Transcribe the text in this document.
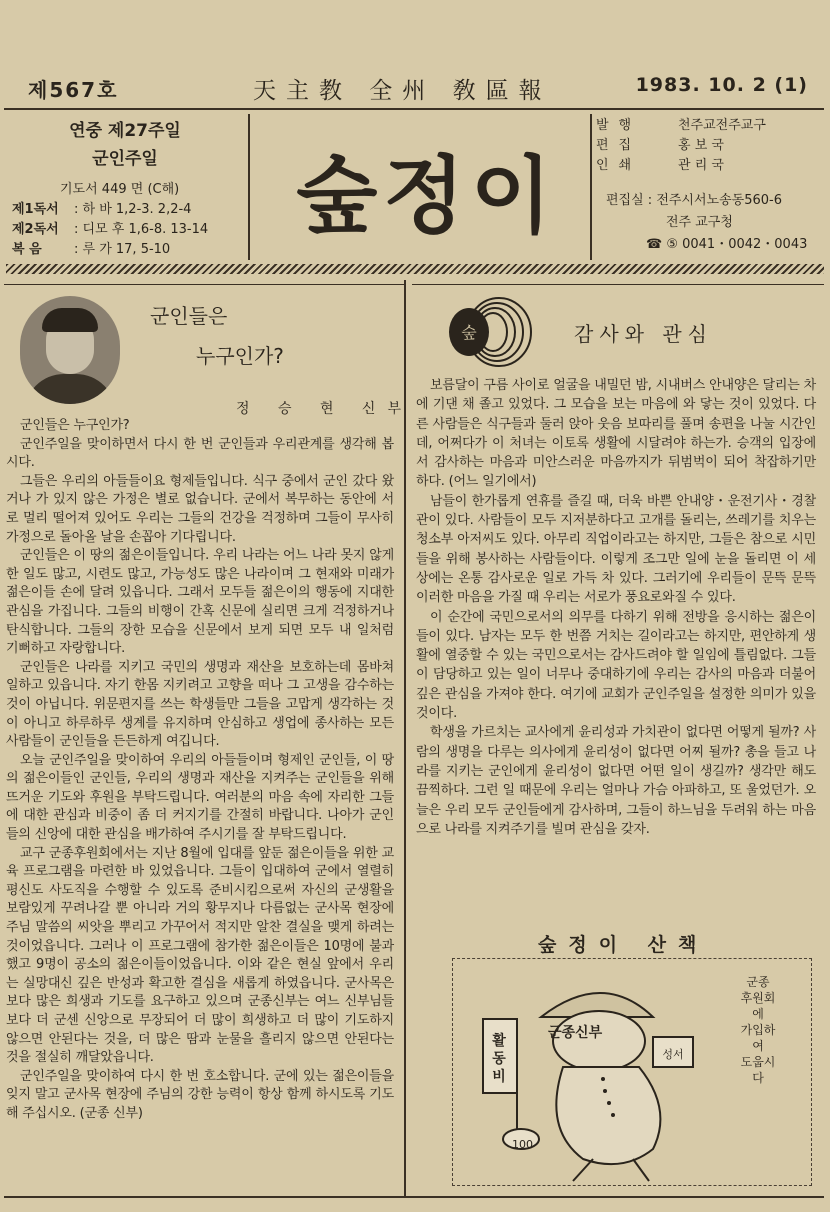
제567호	天主教 全州 敎區報	1983. 10. 2 (1)
연중 제27주일
군인주일
기도서 449 면 (C해)
제1독서	: 하 바 1,2-3. 2,2-4
제2독서	: 디모 후 1,6-8. 13-14
복 음	: 루 가 17, 5-10
숲정이
발행	천주교전주교구
편집	홍 보 국
인쇄	관 리 국
편집실 : 전주시서노송동560-6
전주 교구청
☎ ⑤ 0041・0042・0043
군인들은
누구인가?
정 승 현 신부

군인들은 누구인가?

군인주일을 맞이하면서 다시 한 번 군인들과 우리관계를 생각해 봅시다.

그들은 우리의 아들들이요 형제들입니다. 식구 중에서 군인 갔다 왔거나 가 있지 않은 가정은 별로 없습니다. 군에서 복무하는 동안에 서로 멀리 떨어져 있어도 우리는 그들의 건강을 걱정하며 그들이 무사히 가정으로 돌아올 날을 손꼽아 기다립니다.

군인들은 이 땅의 젊은이들입니다. 우리 나라는 어느 나라 못지 않게 한 일도 많고, 시련도 많고, 가능성도 많은 나라이며 그 현재와 미래가 젊은이들 손에 달려 있읍니다. 그래서 모두들 젊은이의 행동에 지대한 관심을 가집니다. 그들의 비행이 간혹 신문에 실리면 크게 걱정하거나 탄식합니다. 그들의 장한 모습을 신문에서 보게 되면 모두 내 일처럼 기뻐하고 자랑합니다.

군인들은 나라를 지키고 국민의 생명과 재산을 보호하는데 몸바쳐 일하고 있읍니다. 자기 한몸 지키려고 고향을 떠나 그 고생을 감수하는 것이 아닙니다. 위문편지를 쓰는 학생들만 그들을 고맙게 생각하는 것이 아니고 하루하루 생계를 유지하며 안심하고 생업에 종사하는 모든 사람들이 군인들을 든든하게 여깁니다.

오늘 군인주일을 맞이하여 우리의 아들들이며 형제인 군인들, 이 땅의 젊은이들인 군인들, 우리의 생명과 재산을 지켜주는 군인들을 위해 뜨거운 기도와 후원을 부탁드립니다. 여러분의 마음 속에 자리한 그들에 대한 관심과 비중이 좀 더 커지기를 간절히 바랍니다. 나아가 군인들의 신앙에 대한 관심을 배가하여 주시기를 잘 부탁드립니다.

교구 군종후원회에서는 지난 8월에 입대를 앞둔 젊은이들을 위한 교육 프로그램을 마련한 바 있었읍니다. 그들이 입대하여 군에서 열렬히 평신도 사도직을 수행할 수 있도록 준비시킴으로써 자신의 군생활을 보람있게 꾸려나갈 뿐 아니라 거의 황무지나 다름없는 군사목 현장에 주님 말씀의 씨앗을 뿌리고 가꾸어서 적지만 알찬 결실을 맺게 하려는 것이었읍니다. 그러나 이 프로그램에 참가한 젊은이들은 10명에 불과했고 9명이 공소의 젊은이들이었읍니다. 이와 같은 현실 앞에서 우리는 실망대신 깊은 반성과 확고한 결심을 새롭게 하였읍니다. 군사목은 보다 많은 희생과 기도를 요구하고 있으며 군종신부는 여느 신부님들보다 더 군센 신앙으로 무장되어 더 많이 희생하고 더 많이 기도하지 않으면 안된다는 것을, 더 많은 땀과 눈물을 흘리지 않으면 안된다는 것을 절실히 깨달았읍니다.

군인주일을 맞이하여 다시 한 번 호소합니다. 군에 있는 젊은이들을 잊지 말고 군사목 현장에 주님의 강한 능력이 항상 함께 하시도록 기도해 주십시오. (군종 신부)

숲	감사와 관심

보름달이 구름 사이로 얼굴을 내밀던 밤, 시내버스 안내양은 달리는 차에 기댄 채 졸고 있었다. 그 모습을 보는 마음에 와 닿는 것이 있었다. 다른 사람들은 식구들과 둘러 앉아 웃음 보따리를 풀며 송편을 나눌 시간인데, 어쩌다가 이 처녀는 이토록 생활에 시달려야 하는가. 승객의 입장에서 감사하는 마음과 미안스러운 마음까지가 뒤범벅이 되어 착잡하기만 하다. (어느 일기에서)

남들이 한가롭게 연휴를 즐길 때, 더욱 바쁜 안내양・운전기사・경찰관이 있다. 사람들이 모두 지저분하다고 고개를 돌리는, 쓰레기를 치우는 청소부 아저씨도 있다. 아무리 직업이라고는 하지만, 그들은 참으로 시민들을 위해 봉사하는 사람들이다. 이렇게 조그만 일에 눈을 돌리면 이 세상에는 온통 감사로운 일로 가득 차 있다. 그러기에 우리들이 문뜩 문뜩 이러한 마음을 가질 때 우리는 서로가 풍요로와질 수 있다.

이 순간에 국민으로서의 의무를 다하기 위해 전방을 응시하는 젊은이들이 있다. 남자는 모두 한 번쯤 거치는 길이라고는 하지만, 편안하게 생활에 열중할 수 있는 국민으로서는 감사드려야 할 일임에 틀림없다. 그들이 담당하고 있는 일이 너무나 중대하기에 우리는 감사의 마음과 더불어 깊은 관심을 가져야 한다. 여기에 교회가 군인주일을 설정한 의미가 있을 것이다.

학생을 가르치는 교사에게 윤리성과 가치관이 없다면 어떻게 될까? 사람의 생명을 다루는 의사에게 윤리성이 없다면 어찌 될까? 총을 들고 나라를 지키는 군인에게 윤리성이 없다면 어떤 일이 생길까? 생각만 해도 끔찍하다. 그런 일 때문에 우리는 얼마나 가슴 아파하고, 또 울었던가. 오늘은 우리 모두 군인들에게 감사하며, 그들이 하느님을 두려워 하는 마음으로 나라를 지켜주기를 빌며 관심을 갖자.

숲정이 산책
성서
군종신부
활동비
100
군종
후원회에
가입하여
도웁시다
